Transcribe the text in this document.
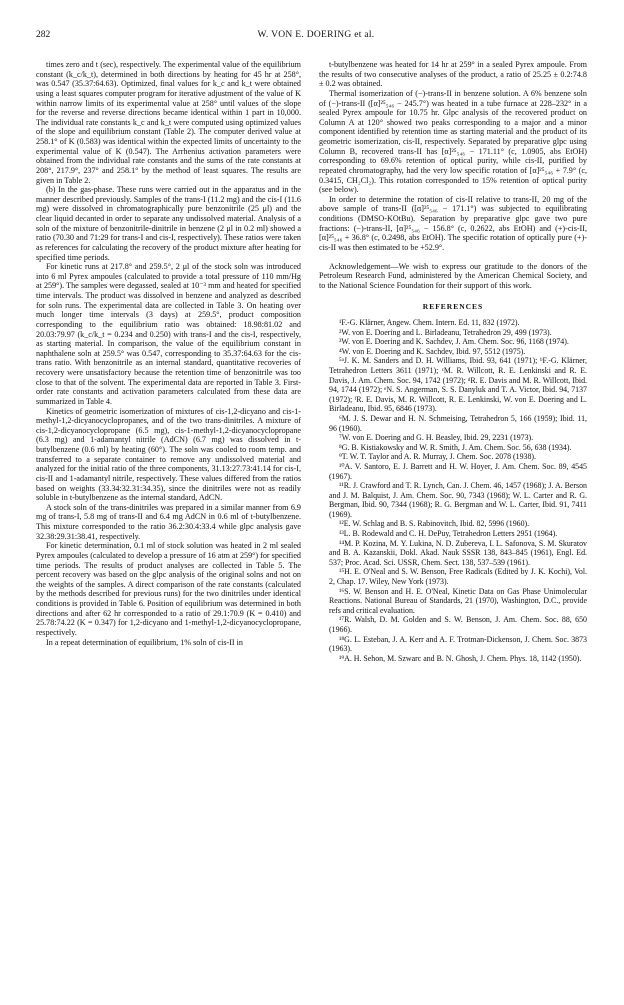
282	W. VON E. DOERING et al.

times zero and t (sec), respectively. The experimental value of the equilibrium constant (k_c/k_t), determined in both directions by heating for 45 hr at 258°, was 0.547 (35.37:64.63). Optimized, final values for k_c and k_t were obtained using a least squares computer program for iterative adjustment of the value of K within narrow limits of its experimental value at 258° until values of the slope for the reverse and reverse directions became identical within 1 part in 10,000. The individual rate constants k_c and k_t were computed using optimized values of the slope and equilibrium constant (Table 2). The computer derived value at 258.1° of K (0.583) was identical within the expected limits of uncertainty to the experimental value of K (0.547). The Arrhenius activation parameters were obtained from the individual rate constants and the sums of the rate constants at 208°, 217.9°, 237° and 258.1° by the method of least squares. The results are given in Table 2.

(b) In the gas-phase. These runs were carried out in the apparatus and in the manner described previously. Samples of the trans-I (11.2 mg) and the cis-I (11.6 mg) were dissolved in chromatographically pure benzonitrile (25 μl) and the clear liquid decanted in order to separate any undissolved material. Analysis of a soln of the mixture of benzonitrile-dinitrile in benzene (2 μl in 0.2 ml) showed a ratio (70.30 and 71:29 for trans-I and cis-I, respectively). These ratios were taken as references for calculating the recovery of the product mixture after heating for specified time periods.

For kinetic runs at 217.8° and 259.5°, 2 μl of the stock soln was introduced into 6 ml Pyrex ampoules (calculated to provide a total pressure of 110 mm/Hg at 259°). The samples were degassed, sealed at 10⁻³ mm and heated for specified time intervals. The product was dissolved in benzene and analyzed as described for soln runs. The experimental data are collected in Table 3. On heating over much longer time intervals (3 days) at 259.5°, product composition corresponding to the equilibrium ratio was obtained: 18.98:81.02 and 20.03:79.97 (k_c/k_t = 0.234 and 0.250) with trans-I and the cis-I, respectively, as starting material. In comparison, the value of the equilibrium constant in naphthalene soln at 259.5° was 0.547, corresponding to 35.37:64.63 for the cis-trans ratio. With benzonitrile as an internal standard, quantitative recoveries of recovery were unsatisfactory because the retention time of benzonitrile was too close to that of the solvent. The experimental data are reported in Table 3. First-order rate constants and activation parameters calculated from these data are summarized in Table 4.

Kinetics of geometric isomerization of mixtures of cis-1,2-dicyano and cis-1-methyl-1,2-dicyanocyclopropanes, and of the two trans-dinitriles. A mixture of cis-1,2-dicyanocyclopropane (6.5 mg), cis-1-methyl-1,2-dicyanocyclopropane (6.3 mg) and 1-adamantyl nitrile (AdCN) (6.7 mg) was dissolved in t-butylbenzene (0.6 ml) by heating (60°). The soln was cooled to room temp. and transferred to a separate container to remove any undissolved material and analyzed for the initial ratio of the three components, 31.13:27.73:41.14 for cis-I, cis-II and 1-adamantyl nitrile, respectively. These values differed from the ratios based on weights (33.34:32.31:34.35), since the dinitriles were not as readily soluble in t-butylbenzene as the internal standard, AdCN.

A stock soln of the trans-dinitriles was prepared in a similar manner from 6.9 mg of trans-I, 5.8 mg of trans-II and 6.4 mg AdCN in 0.6 ml of t-butylbenzene. This mixture corresponded to the ratio 36.2:30.4:33.4 while glpc analysis gave 32.38:29.31:38.41, respectively.

For kinetic determination, 0.1 ml of stock solution was heated in 2 ml sealed Pyrex ampoules (calculated to develop a pressure of 16 atm at 259°) for specified time periods. The results of product analyses are collected in Table 5. The percent recovery was based on the glpc analysis of the original solns and not on the weights of the samples. A direct comparison of the rate constants (calculated by the methods described for previous runs) for the two dinitriles under identical conditions is provided in Table 6. Position of equilibrium was determined in both directions and after 62 hr corresponded to a ratio of 29.1:70.9 (K = 0.410) and 25.78:74.22 (K = 0.347) for 1,2-dicyano and 1-methyl-1,2-dicyanocyclopropane, respectively.

In a repeat determination of equilibrium, 1% soln of cis-II in

t-butylbenzene was heated for 14 hr at 259° in a sealed Pyrex ampoule. From the results of two consecutive analyses of the product, a ratio of 25.25 ± 0.2:74.8 ± 0.2 was obtained.

Thermal isomerization of (−)-trans-II in benzene solution. A 6% benzene soln of (−)-trans-II ([α]²⁵₅₄₆ − 245.7°) was heated in a tube furnace at 228–232° in a sealed Pyrex ampoule for 10.75 hr. Glpc analysis of the recovered product on Column A at 120° showed two peaks corresponding to a major and a minor component identified by retention time as starting material and the product of its geometric isomerization, cis-II, respectively. Separated by preparative glpc using Column B, recovered trans-II has [α]²⁵₅₄₆ − 171.11° (c, 1.0905, abs EtOH) corresponding to 69.6% retention of optical purity, while cis-II, purified by repeated chromatography, had the very low specific rotation of [α]²⁵₅₄₆ + 7.9° (c, 0.3415, CH₂Cl₂). This rotation corresponded to 15% retention of optical purity (see below).

In order to determine the rotation of cis-II relative to trans-II, 20 mg of the above sample of trans-II ([α]²⁵₅₄₆ − 171.1°) was subjected to equilibrating conditions (DMSO-KOtBu). Separation by preparative glpc gave two pure fractions: (−)-trans-II, [α]²⁵₅₄₆ − 156.8° (c, 0.2622, abs EtOH) and (+)-cis-II, [α]²⁵₅₄₆ + 36.8° (c, 0.2498, abs EtOH). The specific rotation of optically pure (+)-cis-II was then estimated to be +52.9°.

Acknowledgement—We wish to express our gratitude to the donors of the Petroleum Research Fund, administered by the American Chemical Society, and to the National Science Foundation for their support of this work.

REFERENCES

¹F.-G. Klärner, Angew. Chem. Intern. Ed. 11, 832 (1972).

²W. von E. Doering and L. Birladeanu, Tetrahedron 29, 499 (1973).

³W. von E. Doering and K. Sachdev, J. Am. Chem. Soc. 96, 1168 (1974).

⁴W. von E. Doering and K. Sachdev, Ibid. 97, 5512 (1975).

⁵ᵃJ. K. M. Sanders and D. H. Williams, Ibid. 93, 641 (1971); ᵇF.-G. Klärner, Tetrahedron Letters 3611 (1971); ᶜM. R. Willcott, R. E. Lenkinski and R. E. Davis, J. Am. Chem. Soc. 94, 1742 (1972); ᵈR. E. Davis and M. R. Willcott, Ibid. 94, 1744 (1972); ᵉN. S. Angerman, S. S. Danyluk and T. A. Victor, Ibid. 94, 7137 (1972); ᶠR. E. Davis, M. R. Willcott, R. E. Lenkinski, W. von E. Doering and L. Birladeanu, Ibid. 95, 6846 (1973).

⁶M. J. S. Dewar and H. N. Schmeising, Tetrahedron 5, 166 (1959); Ibid. 11, 96 (1960).

⁷W. von E. Doering and G. H. Beasley, Ibid. 29, 2231 (1973).

⁸G. B. Kistiakowsky and W. R. Smith, J. Am. Chem. Soc. 56, 638 (1934).

⁹T. W. T. Taylor and A. R. Murray, J. Chem. Soc. 2078 (1938).

¹⁰A. V. Santoro, E. J. Barrett and H. W. Hoyer, J. Am. Chem. Soc. 89, 4545 (1967).

¹¹R. J. Crawford and T. R. Lynch, Can. J. Chem. 46, 1457 (1968); J. A. Berson and J. M. Balquist, J. Am. Chem. Soc. 90, 7343 (1968); W. L. Carter and R. G. Bergman, Ibid. 90, 7344 (1968); R. G. Bergman and W. L. Carter, Ibid. 91, 7411 (1969).

¹²E. W. Schlag and B. S. Rabinovitch, Ibid. 82, 5996 (1960).

¹³L. B. Rodewald and C. H. DePuy, Tetrahedron Letters 2951 (1964).

¹⁴M. P. Kozina, M. Y. Lukina, N. D. Zubereva, I. L. Safonova, S. M. Skuratov and B. A. Kazanskii, Dokl. Akad. Nauk SSSR 138, 843–845 (1961), Engl. Ed. 537; Proc. Acad. Sci. USSR, Chem. Sect. 138, 537–539 (1961).

¹⁵H. E. O'Neal and S. W. Benson, Free Radicals (Edited by J. K. Kochi), Vol. 2, Chap. 17. Wiley, New York (1973).

¹⁶S. W. Benson and H. E. O'Neal, Kinetic Data on Gas Phase Unimolecular Reactions. National Bureau of Standards, 21 (1970), Washington, D.C., provide refs and critical evaluation.

¹⁷R. Walsh, D. M. Golden and S. W. Benson, J. Am. Chem. Soc. 88, 650 (1966).

¹⁸G. L. Esteban, J. A. Kerr and A. F. Trotman-Dickenson, J. Chem. Soc. 3873 (1963).

¹⁹A. H. Sehon, M. Szwarc and B. N. Ghosh, J. Chem. Phys. 18, 1142 (1950).
